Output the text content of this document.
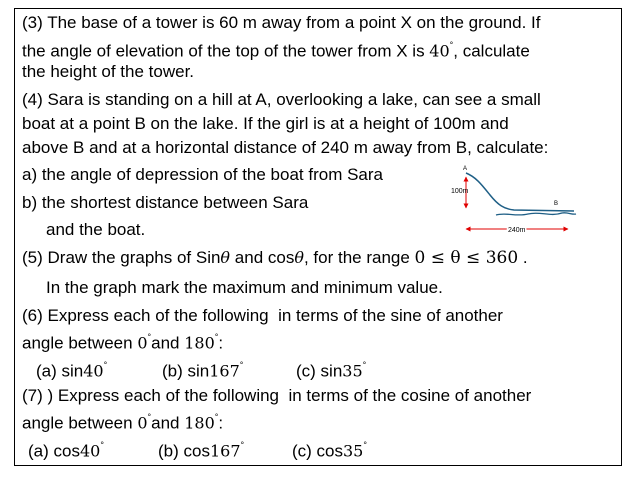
(3) The base of a tower is 60 m away from a point X on the ground. If

the angle of elevation of the top of the tower from X is 40°, calculate

the height of the tower.

(4) Sara is standing on a hill at A, overlooking a lake, can see a small

boat at a point B on the lake. If the girl is at a height of 100m and

above B and at a horizontal distance of 240 m away from B, calculate:

a) the angle of depression of the boat from Sara

b) the shortest distance between Sara

and the boat.

A
B
100m
240m

(5) Draw the graphs of Sinθ and cosθ, for the range 0 ≤ θ ≤ 360 .

In the graph mark the maximum and minimum value.

(6) Express each of the following  in terms of the sine of another

angle between 0°and 180°:

(a) sin40°	(b) sin167°	(c) sin35°

(7) ) Express each of the following  in terms of the cosine of another

angle between 0°and 180°:

(a) cos40°	(b) cos167°	(c) cos35°
